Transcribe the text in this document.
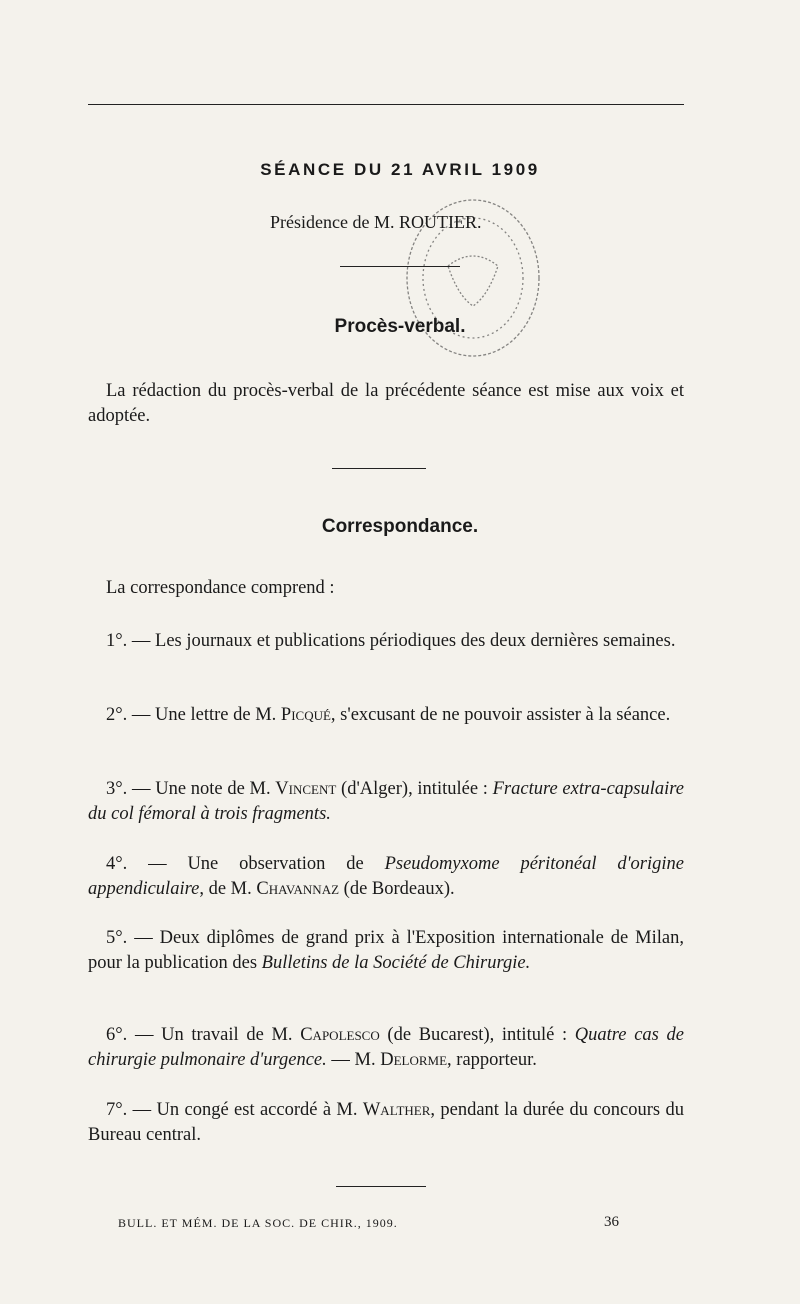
SÉANCE DU 21 AVRIL 1909
Présidence de M. ROUTIER.
Procès-verbal.
La rédaction du procès-verbal de la précédente séance est mise aux voix et adoptée.
Correspondance.
La correspondance comprend :
1°. — Les journaux et publications périodiques des deux dernières semaines.
2°. — Une lettre de M. Picqué, s'excusant de ne pouvoir assister à la séance.
3°. — Une note de M. Vincent (d'Alger), intitulée : Fracture extra-capsulaire du col fémoral à trois fragments.
4°. — Une observation de Pseudomyxome péritonéal d'origine appendiculaire, de M. Chavannaz (de Bordeaux).
5°. — Deux diplômes de grand prix à l'Exposition internationale de Milan, pour la publication des Bulletins de la Société de Chirurgie.
6°. — Un travail de M. Capolesco (de Bucarest), intitulé : Quatre cas de chirurgie pulmonaire d'urgence. — M. Delorme, rapporteur.
7°. — Un congé est accordé à M. Walther, pendant la durée du concours du Bureau central.
BULL. ET MÉM. DE LA SOC. DE CHIR., 1909.	36
